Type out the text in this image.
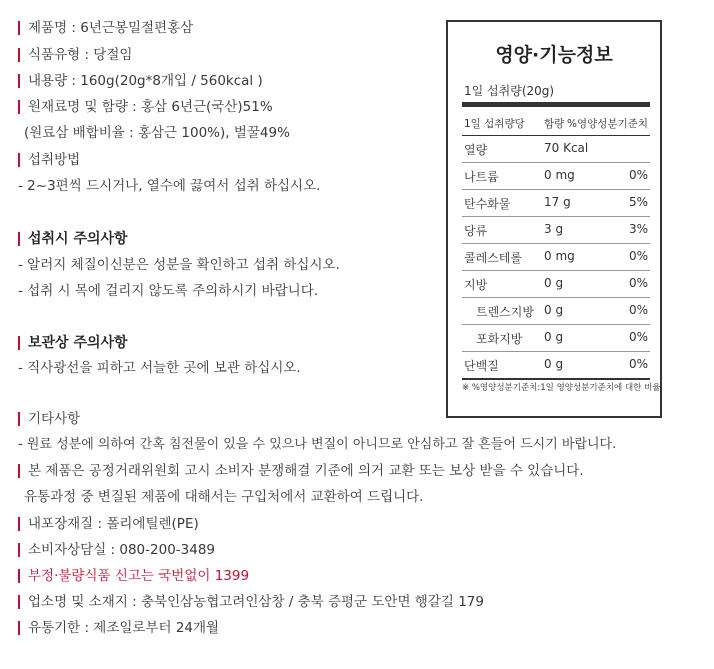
제품명 : 6년근봉밀절편홍삼
식품유형 : 당절임
내용량 : 160g(20g*8개입 / 560kcal )
원재료명 및 함량 : 홍삼 6년근(국산)51%
(원료삼 배합비율 : 홍삼근 100%), 벌꿀49%
섭취방법
- 2~3편씩 드시거나, 열수에 끓여서 섭취 하십시오.
섭취시 주의사항
- 알러지 체질이신분은 성분을 확인하고 섭취 하십시오.
- 섭취 시 목에 걸리지 않도록 주의하시기 바랍니다.
보관상 주의사항
- 직사광선을 피하고 서늘한 곳에 보관 하십시오.
기타사항
- 원료 성분에 의하여 간혹 침전물이 있을 수 있으나 변질이 아니므로 안심하고 잘 흔들어 드시기 바랍니다.
본 제품은 공정거래위원회 고시 소비자 분쟁해결 기준에 의거 교환 또는 보상 받을 수 있습니다.
유통과정 중 변질된 제품에 대해서는 구입처에서 교환하여 드립니다.
내포장재질 : 폴리에틸렌(PE)
소비자상담실 : 080-200-3489
부정·불량식품 신고는 국번없이 1399
업소명 및 소재지 : 충북인삼농협고려인삼창 / 충북 증평군 도안면 행갈길 179
유통기한 : 제조일로부터 24개월
영양·기능정보
1일 섭취량(20g)
1일 섭취량당 함량 %영양성분기준치
열량	70 Kcal
나트륨	0 mg	0%
탄수화물	17 g	5%
당류	3 g	3%
콜레스테롤 0 mg	0%
지방	0 g	0%
트렌스지방 0 g	0%
포화지방 0 g	0%
단백질	0 g	0%
※ %영양성분기준치:1일 영양성분기준치에 대한 비율
